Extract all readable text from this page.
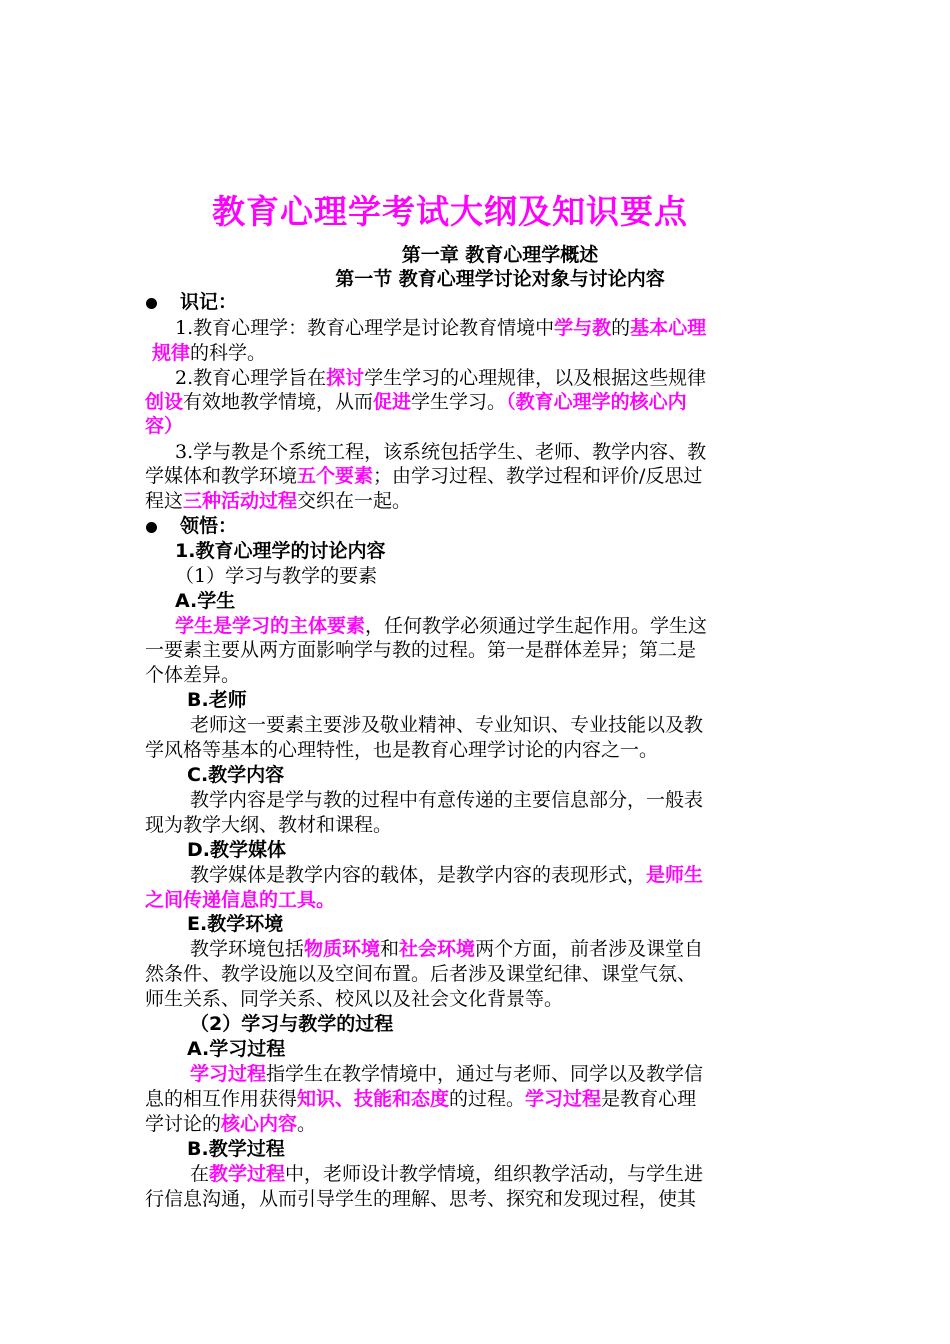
教育心理学考试大纲及知识要点
第一章 教育心理学概述
第一节 教育心理学讨论对象与讨论内容
识记：
1.教育心理学：教育心理学是讨论教育情境中学与教的基本心理
规律的科学。
2.教育心理学旨在探讨学生学习的心理规律，以及根据这些规律
创设有效地教学情境，从而促进学生学习。（教育心理学的核心内
容）
3.学与教是个系统工程，该系统包括学生、老师、教学内容、教
学媒体和教学环境五个要素；由学习过程、教学过程和评价/反思过
程这三种活动过程交织在一起。
领悟：
1.教育心理学的讨论内容
（1）学习与教学的要素
A.学生
学生是学习的主体要素，任何教学必须通过学生起作用。学生这
一要素主要从两方面影响学与教的过程。第一是群体差异；第二是
个体差异。
B.老师
老师这一要素主要涉及敬业精神、专业知识、专业技能以及教
学风格等基本的心理特性，也是教育心理学讨论的内容之一。
C.教学内容
教学内容是学与教的过程中有意传递的主要信息部分，一般表
现为教学大纲、教材和课程。
D.教学媒体
教学媒体是教学内容的载体，是教学内容的表现形式，是师生
之间传递信息的工具。
E.教学环境
教学环境包括物质环境和社会环境两个方面，前者涉及课堂自
然条件、教学设施以及空间布置。后者涉及课堂纪律、课堂气氛、
师生关系、同学关系、校风以及社会文化背景等。
（2）学习与教学的过程
A.学习过程
学习过程指学生在教学情境中，通过与老师、同学以及教学信
息的相互作用获得知识、技能和态度的过程。学习过程是教育心理
学讨论的核心内容。
B.教学过程
在教学过程中，老师设计教学情境，组织教学活动，与学生进
行信息沟通，从而引导学生的理解、思考、探究和发现过程，使其
